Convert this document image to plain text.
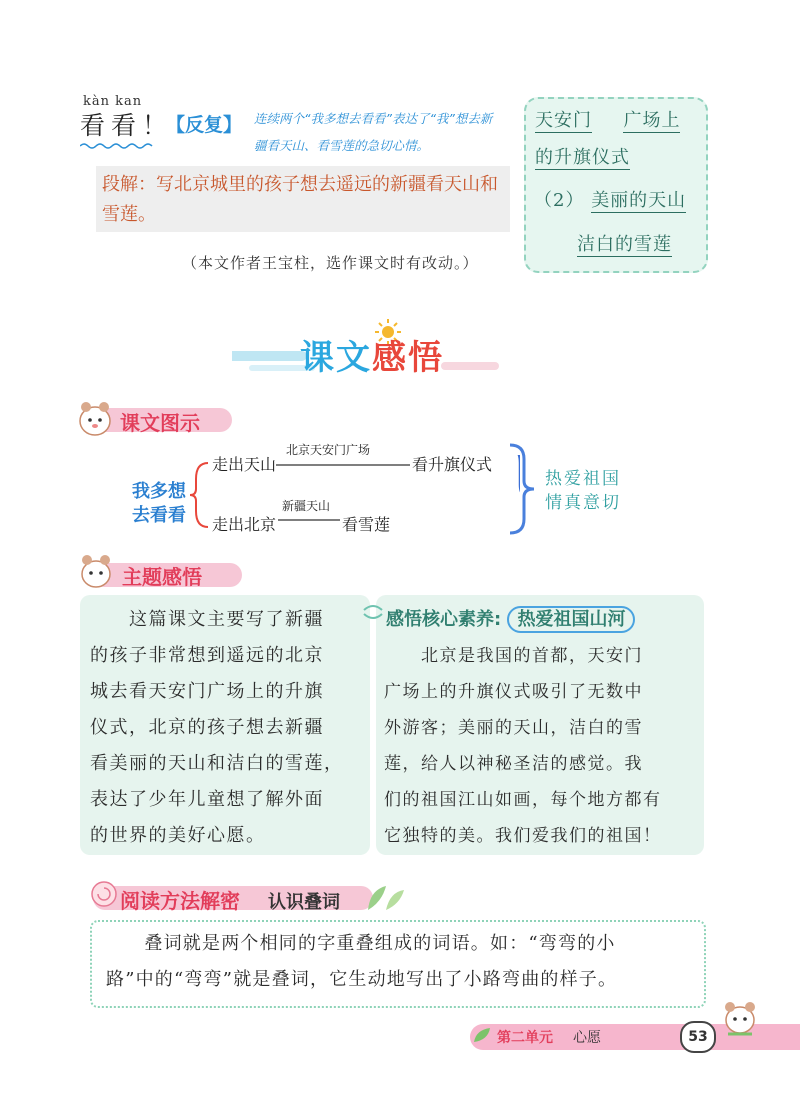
kàn kan
看看！
【反复】 连续两个“我多想去看看”表达了“我”想去新疆看天山、看雪莲的急切心情。
段解：写北京城里的孩子想去遥远的新疆看天山和雪莲。
（本文作者王宝柱，选作课文时有改动。）
天安门 广场上
的升旗仪式
（2） 美丽的天山
洁白的雪莲
课文感悟
课文图示
我多想
去看看
走出天山
北京天安门广场
看升旗仪式
走出北京
新疆天山
看雪莲
热爱祖国
情真意切
主题感悟
　　这篇课文主要写了新疆
的孩子非常想到遥远的北京
城去看天安门广场上的升旗
仪式，北京的孩子想去新疆
看美丽的天山和洁白的雪莲，
表达了少年儿童想了解外面
的世界的美好心愿。
感悟核心素养: 热爱祖国山河
　　北京是我国的首都，天安门
广场上的升旗仪式吸引了无数中
外游客；美丽的天山，洁白的雪
莲，给人以神秘圣洁的感觉。我
们的祖国江山如画，每个地方都有
它独特的美。我们爱我们的祖国！
阅读方法解密 认识叠词
　　叠词就是两个相同的字重叠组成的词语。如：“弯弯的小
路”中的“弯弯”就是叠词，它生动地写出了小路弯曲的样子。
第二单元 心愿	53
